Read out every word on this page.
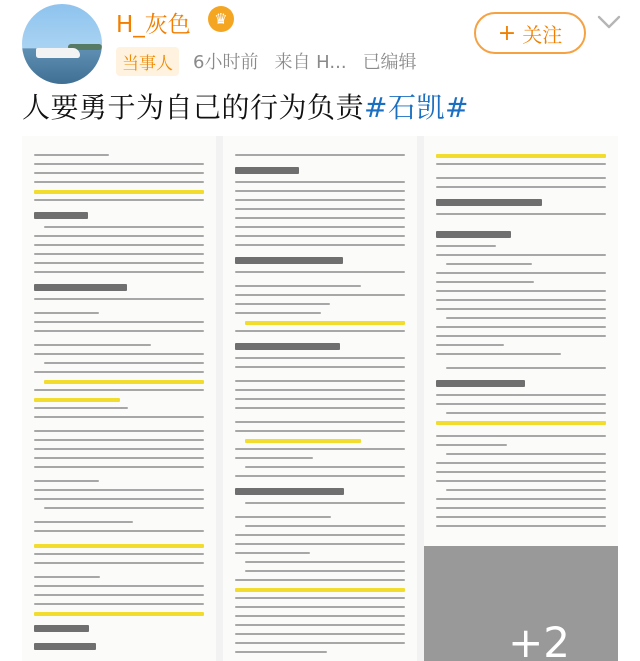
H_灰色	♛
当事人	6小时前 来自 H... 已编辑
+ 关注
人要勇于为自己的行为负责#石凯#
+2
